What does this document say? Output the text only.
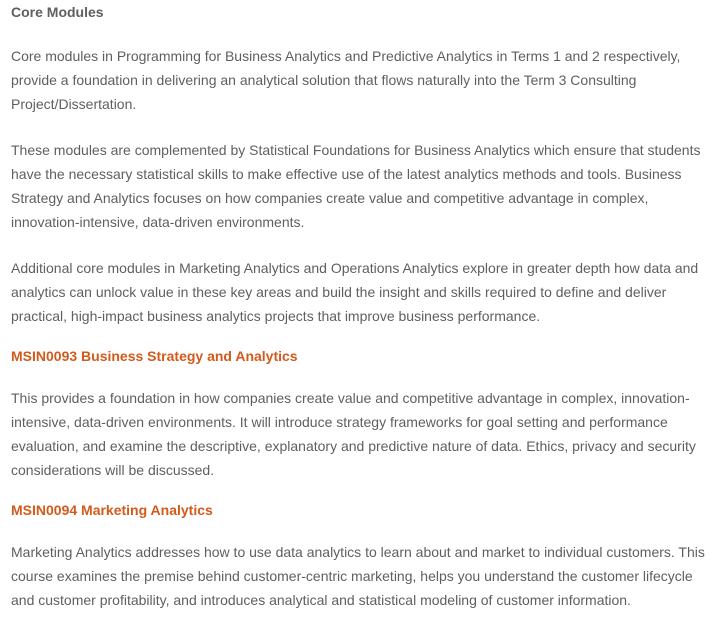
Core Modules

Core modules in Programming for Business Analytics and Predictive Analytics in Terms 1 and 2 respectively, provide a foundation in delivering an analytical solution that flows naturally into the Term 3 Consulting Project/Dissertation.

These modules are complemented by Statistical Foundations for Business Analytics which ensure that students have the necessary statistical skills to make effective use of the latest analytics methods and tools. Business Strategy and Analytics focuses on how companies create value and competitive advantage in complex, innovation-intensive, data-driven environments.

Additional core modules in Marketing Analytics and Operations Analytics explore in greater depth how data and analytics can unlock value in these key areas and build the insight and skills required to define and deliver practical, high-impact business analytics projects that improve business performance.

MSIN0093 Business Strategy and Analytics

This provides a foundation in how companies create value and competitive advantage in complex, innovation-intensive, data-driven environments. It will introduce strategy frameworks for goal setting and performance evaluation, and examine the descriptive, explanatory and predictive nature of data. Ethics, privacy and security considerations will be discussed.

MSIN0094 Marketing Analytics

Marketing Analytics addresses how to use data analytics to learn about and market to individual customers. This course examines the premise behind customer-centric marketing, helps you understand the customer lifecycle and customer profitability, and introduces analytical and statistical modeling of customer information.
